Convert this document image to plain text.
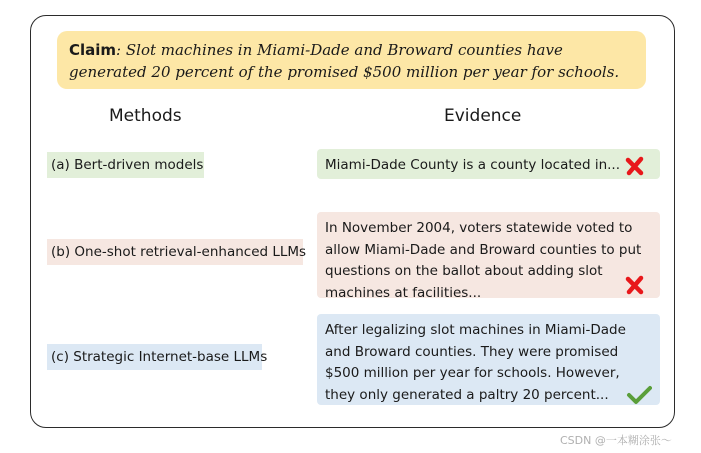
Claim: Slot machines in Miami-Dade and Broward counties have generated 20 percent of the promised $500 million per year for schools.
Methods	Evidence
(a) Bert-driven models
(b) One-shot retrieval-enhanced LLMs
(c) Strategic Internet-base LLMs
Miami-Dade County is a county located in...
In November 2004, voters statewide voted to allow Miami-Dade and Broward counties to put questions on the ballot about adding slot machines at facilities...
After legalizing slot machines in Miami-Dade and Broward counties. They were promised $500 million per year for schools. However, they only generated a paltry 20 percent...
CSDN @一本糊涂张～
